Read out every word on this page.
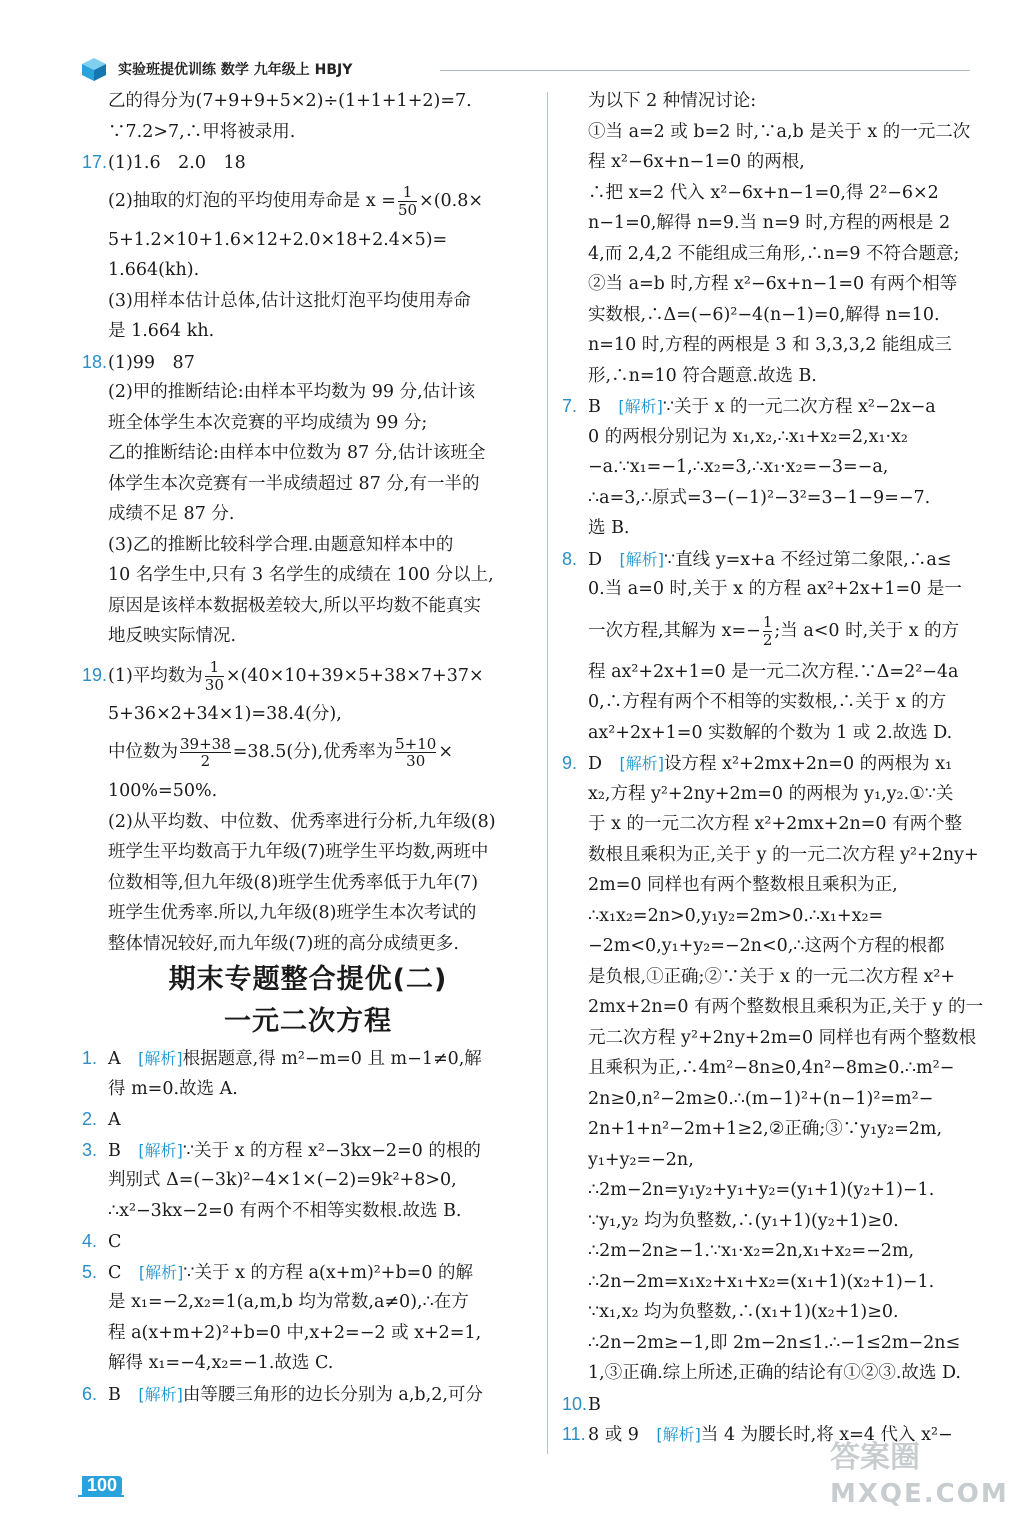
实验班提优训练 数学 九年级上 HBJY
乙的得分为(7+9+9+5×2)÷(1+1+1+2)=7.
∵7.2>7,∴甲将被录用.
17.(1)1.6　2.0　18
(2)抽取的灯泡的平均使用寿命是 $x = \frac{1}{50} \times(0.8\times$
5+1.2×10+1.6×12+2.0×18+2.4×5)=
1.664(kh).
(3)用样本估计总体,估计这批灯泡平均使用寿命
是 1.664 kh.
18.(1)99　87
(2)甲的推断结论:由样本平均数为 99 分,估计该
班全体学生本次竞赛的平均成绩为 99 分;
乙的推断结论:由样本中位数为 87 分,估计该班全
体学生本次竞赛有一半成绩超过 87 分,有一半的
成绩不足 87 分.
(3)乙的推断比较科学合理.由题意知样本中的
10 名学生中,只有 3 名学生的成绩在 100 分以上,
原因是该样本数据极差较大,所以平均数不能真实
地反映实际情况.
19.(1)平均数为 $\frac{1}{30} \times(40\times 10+39\times 5+38\times 7+37\times$
5+36×2+34×1)=38.4(分),
中位数为 $\frac{39+38}{2} =38.5$(分),优秀率为 $\frac{5+10}{30}$ ×
100%=50%.
(2)从平均数、中位数、优秀率进行分析,九年级(8)
班学生平均数高于九年级(7)班学生平均数,两班中
位数相等,但九年级(8)班学生优秀率低于九年(7)
班学生优秀率.所以,九年级(8)班学生本次考试的
整体情况较好,而九年级(7)班的高分成绩更多.
期末专题整合提优(二)
一元二次方程
1. A　[解析]根据题意,得 m²−m=0 且 m−1≠0,解
得 m=0.故选 A.
2. A
3. B　[解析]∵关于 x 的方程 x²−3kx−2=0 的根的
判别式 Δ=(−3k)²−4×1×(−2)=9k²+8>0,
∴x²−3kx−2=0 有两个不相等实数根.故选 B.
4. C
5. C　[解析]∵关于 x 的方程 a(x+m)²+b=0 的解
是 x₁=−2,x₂=1(a,m,b 均为常数,a≠0),∴在方
程 a(x+m+2)²+b=0 中,x+2=−2 或 x+2=1,
解得 x₁=−4,x₂=−1.故选 C.
6. B　[解析]由等腰三角形的边长分别为 a,b,2,可分
为以下 2 种情况讨论:
①当 a=2 或 b=2 时,∵a,b 是关于 x 的一元二次
程 x²−6x+n−1=0 的两根,
∴把 x=2 代入 x²−6x+n−1=0,得 2²−6×2
n−1=0,解得 n=9.当 n=9 时,方程的两根是 2
4,而 2,4,2 不能组成三角形,∴n=9 不符合题意;
②当 a=b 时,方程 x²−6x+n−1=0 有两个相等
实数根,∴Δ=(−6)²−4(n−1)=0,解得 n=10.
n=10 时,方程的两根是 3 和 3,3,3,2 能组成三
形,∴n=10 符合题意.故选 B.
7. B　[解析]∵关于 x 的一元二次方程 x²−2x−a
0 的两根分别记为 x₁,x₂,∴x₁+x₂=2,x₁·x₂
−a.∵x₁=−1,∴x₂=3,∴x₁·x₂=−3=−a,
∴a=3,∴原式=3−(−1)²−3²=3−1−9=−7.
选 B.
8. D　[解析]∵直线 y=x+a 不经过第二象限,∴a≤
0.当 a=0 时,关于 x 的方程 ax²+2x+1=0 是一
一次方程,其解为 $x=- \frac{1}{2}$ ;当 a<0 时,关于 x 的方
程 ax²+2x+1=0 是一元二次方程.∵Δ=2²−4a
0,∴方程有两个不相等的实数根,∴关于 x 的方
ax²+2x+1=0 实数解的个数为 1 或 2.故选 D.
9. D　[解析]设方程 x²+2mx+2n=0 的两根为 x₁
x₂,方程 y²+2ny+2m=0 的两根为 y₁,y₂.①∵关
于 x 的一元二次方程 x²+2mx+2n=0 有两个整
数根且乘积为正,关于 y 的一元二次方程 y²+2ny+
2m=0 同样也有两个整数根且乘积为正,
∴x₁x₂=2n>0,y₁y₂=2m>0.∴x₁+x₂=
−2m<0,y₁+y₂=−2n<0,∴这两个方程的根都
是负根,①正确;②∵关于 x 的一元二次方程 x²+
2mx+2n=0 有两个整数根且乘积为正,关于 y 的一
元二次方程 y²+2ny+2m=0 同样也有两个整数根
且乘积为正,∴4m²−8n≥0,4n²−8m≥0.∴m²−
2n≥0,n²−2m≥0.∴(m−1)²+(n−1)²=m²−
2n+1+n²−2m+1≥2,②正确;③∵y₁y₂=2m,
y₁+y₂=−2n,
∴2m−2n=y₁y₂+y₁+y₂=(y₁+1)(y₂+1)−1.
∵y₁,y₂ 均为负整数,∴(y₁+1)(y₂+1)≥0.
∴2m−2n≥−1.∵x₁·x₂=2n,x₁+x₂=−2m,
∴2n−2m=x₁x₂+x₁+x₂=(x₁+1)(x₂+1)−1.
∵x₁,x₂ 均为负整数,∴(x₁+1)(x₂+1)≥0.
∴2n−2m≥−1,即 2m−2n≤1.∴−1≤2m−2n≤
1,③正确.综上所述,正确的结论有①②③.故选 D.
10.B
11. 8 或 9　[解析]当 4 为腰长时,将 x=4 代入 x²−
100
答案圈
MXQE.COM
